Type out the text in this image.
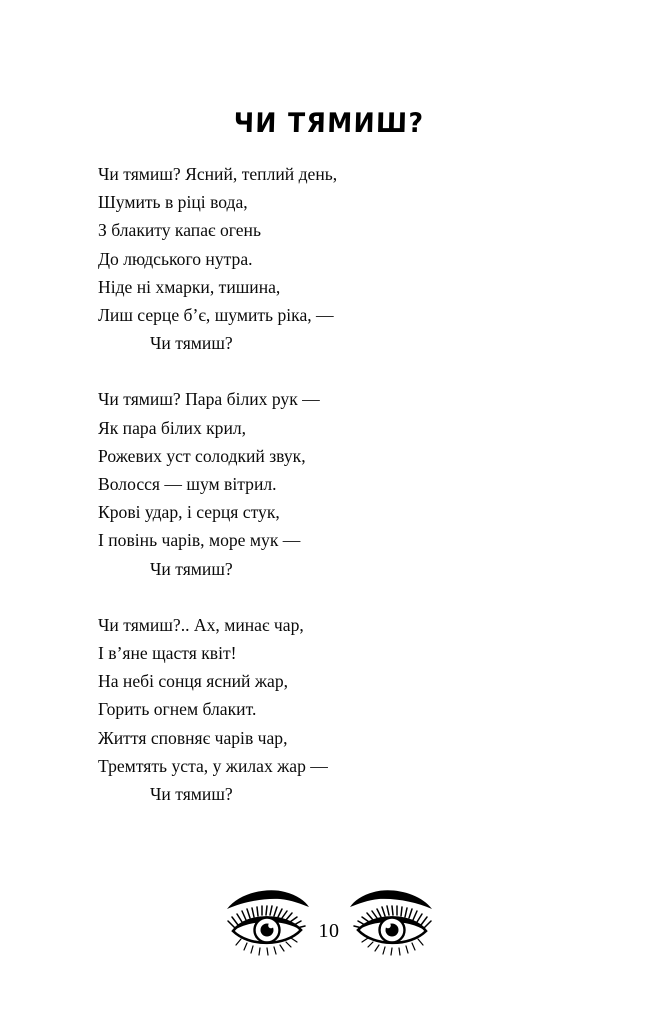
ЧИ ТЯМИШ?
Чи тямиш? Ясний, теплий день,
Шумить в ріці вода,
З блакиту капає огень
До людського нутра.
Ніде ні хмарки, тишина,
Лиш серце б’є, шумить ріка, —
Чи тямиш?
Чи тямиш? Пара білих рук —
Як пара білих крил,
Рожевих уст солодкий звук,
Волосся — шум вітрил.
Крові удар, і серця стук,
І повінь чарів, море мук —
Чи тямиш?
Чи тямиш?.. Ах, минає чар,
І в’яне щастя квіт!
На небі сонця ясний жар,
Горить огнем блакит.
Життя сповняє чарів чар,
Тремтять уста, у жилах жар —
Чи тямиш?
10
